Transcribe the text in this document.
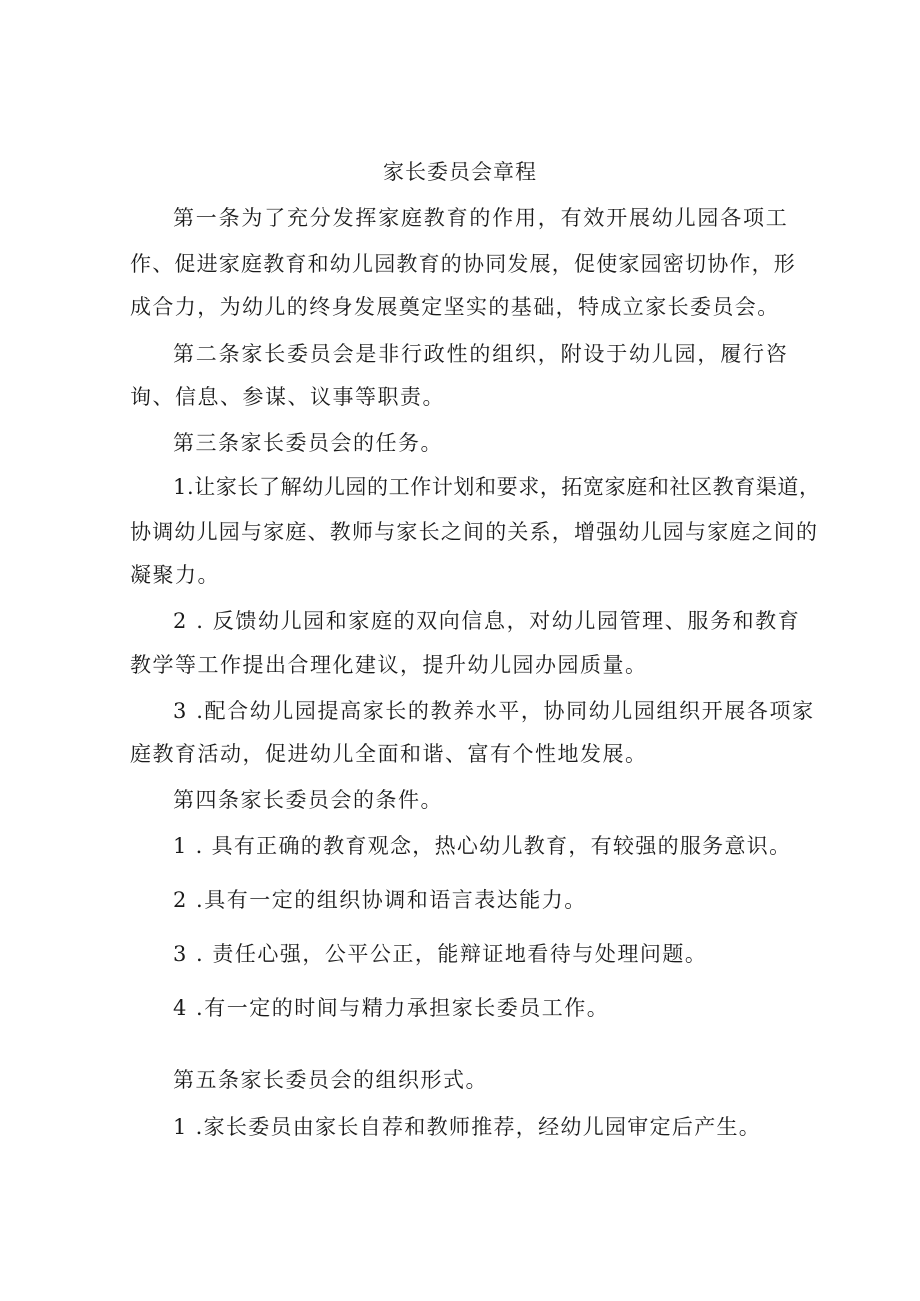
家长委员会章程
第一条为了充分发挥家庭教育的作用，有效开展幼儿园各项工
作、促进家庭教育和幼儿园教育的协同发展，促使家园密切协作，形
成合力，为幼儿的终身发展奠定坚实的基础，特成立家长委员会。
第二条家长委员会是非行政性的组织，附设于幼儿园，履行咨
询、信息、参谋、议事等职责。
第三条家长委员会的任务。
1.让家长了解幼儿园的工作计划和要求，拓宽家庭和社区教育渠道，
协调幼儿园与家庭、教师与家长之间的关系，增强幼儿园与家庭之间的
凝聚力。
2 . 反馈幼儿园和家庭的双向信息，对幼儿园管理、服务和教育
教学等工作提出合理化建议，提升幼儿园办园质量。
3 .配合幼儿园提高家长的教养水平，协同幼儿园组织开展各项家
庭教育活动，促进幼儿全面和谐、富有个性地发展。
第四条家长委员会的条件。
1 . 具有正确的教育观念，热心幼儿教育，有较强的服务意识。
2 .具有一定的组织协调和语言表达能力。
3 . 责任心强，公平公正，能辩证地看待与处理问题。
4 .有一定的时间与精力承担家长委员工作。
第五条家长委员会的组织形式。
1 .家长委员由家长自荐和教师推荐，经幼儿园审定后产生。
